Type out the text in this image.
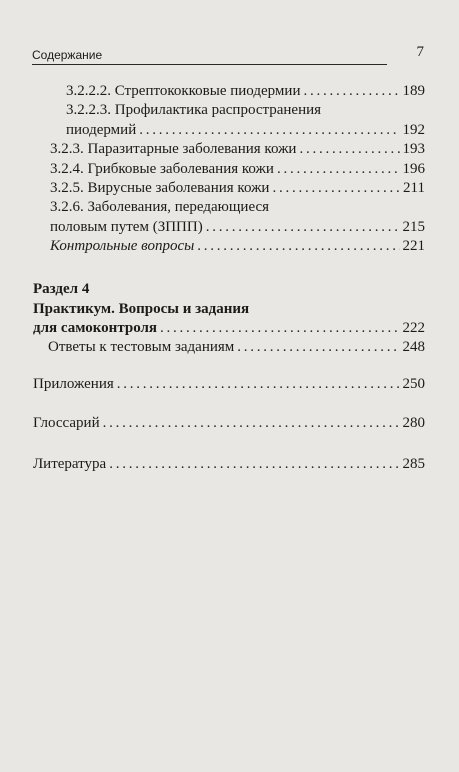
Содержание	7
3.2.2.2. Стрептококковые пиодермии . . .	189
3.2.2.3. Профилактика распространения
пиодермий . . .	192
3.2.3. Паразитарные заболевания кожи . . .	193
3.2.4. Грибковые заболевания кожи . . .	196
3.2.5. Вирусные заболевания кожи . . .	211
3.2.6. Заболевания, передающиеся
половым путем (ЗППП) . . .	215
Контрольные вопросы . . .	221
Раздел 4
Практикум. Вопросы и задания
для самоконтроля . . .	222
Ответы к тестовым заданиям . . .	248
Приложения . . .	250
Глоссарий . . .	280
Литература . . .	285
